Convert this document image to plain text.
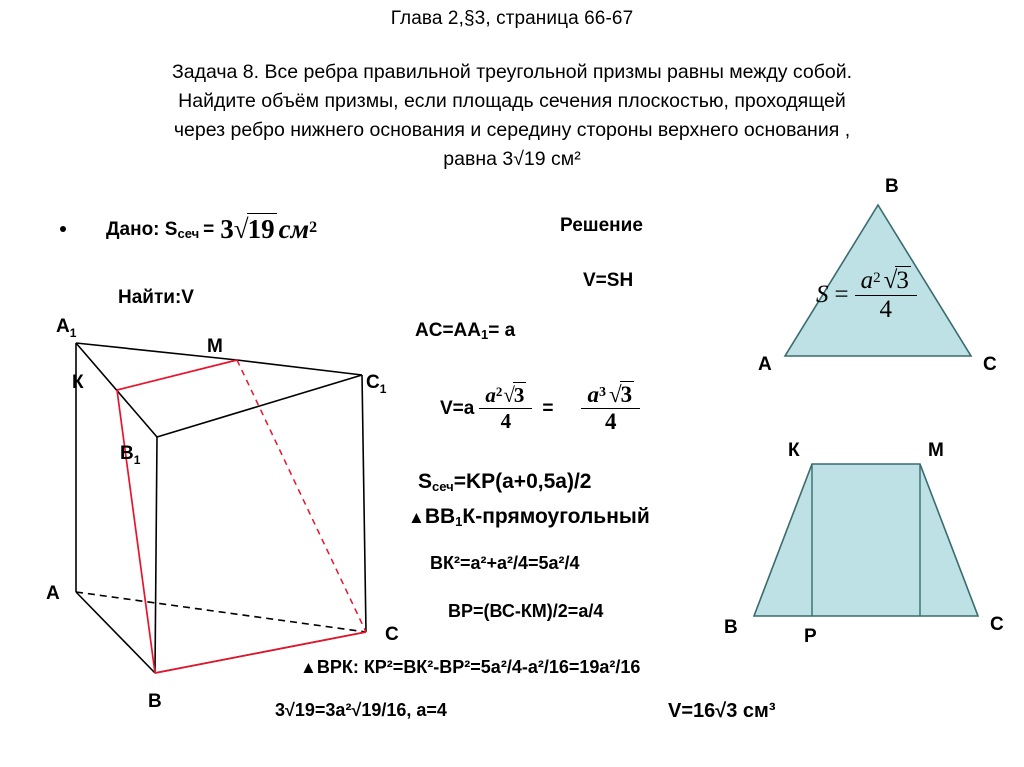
Глава 2,§3, страница 66-67
Задача 8. Все ребра правильной треугольной призмы равны между собой.
Найдите объём призмы, если площадь сечения плоскостью, проходящей
через ребро нижнего основания и середину стороны верхнего основания ,
равна 3√19 см²
Дано: $S_{сеч} = 3√19$ $см^2$
Найти:V
$A_1$
К
М
$C_1$
$B_1$
A
B
C
Решение
V=SH
$AC=AA_1= a$
$V=a \frac{a^2√3}{4} = \frac{a^3 √3}{4}$
$S_{сеч}=KP(a+0,5a)/2$
$▲BB_1К$-прямоугольный
ВК²=а²+а²/4=5а²/4
ВР=(ВС-КМ)/2=а/4
▲ВРК: КР²=ВК²-ВР²=5а²/4-а²/16=19а²/16
3√19=3а²√19/16, а=4	V=16√3 см³
B
A	C
$S = \frac{a^2 √3}{4}$
К	М
B	Р
C
